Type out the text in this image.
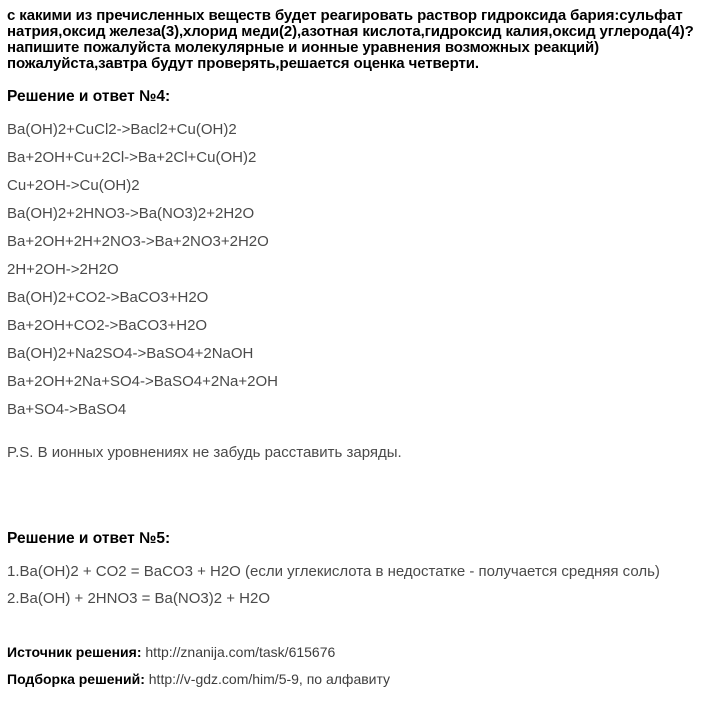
с какими из пречисленных веществ будет реагировать раствор гидроксида бария:сульфат
натрия,оксид железа(3),хлорид меди(2),азотная кислота,гидроксид калия,оксид углерода(4)?
напишите пожалуйста молекулярные и ионные уравнения возможных реакций)
пожалуйста,завтра будут проверять,решается оценка четверти.
Решение и ответ №4:
Ba(OH)2+CuCl2->Bacl2+Cu(OH)2
Ba+2OH+Cu+2Cl->Ba+2Cl+Cu(OH)2
Cu+2OH->Cu(OH)2
Ba(OH)2+2HNO3->Ba(NO3)2+2H2O
Ba+2OH+2H+2NO3->Ba+2NO3+2H2O
2H+2OH->2H2O
Ba(OH)2+CO2->BaCO3+H2O
Ba+2OH+CO2->BaCO3+H2O
Ba(OH)2+Na2SO4->BaSO4+2NaOH
Ba+2OH+2Na+SO4->BaSO4+2Na+2OH
Ba+SO4->BaSO4
P.S. В ионных уровнениях не забудь расставить заряды.
Решение и ответ №5:
1.Ba(OH)2 + CO2 = BaCO3 + H2O (если углекислота в недостатке - получается средняя соль)
2.Ba(OH) + 2HNO3 = Ba(NO3)2 + H2O
Источник решения: http://znanija.com/task/615676
Подборка решений: http://v-gdz.com/him/5-9, по алфавиту
